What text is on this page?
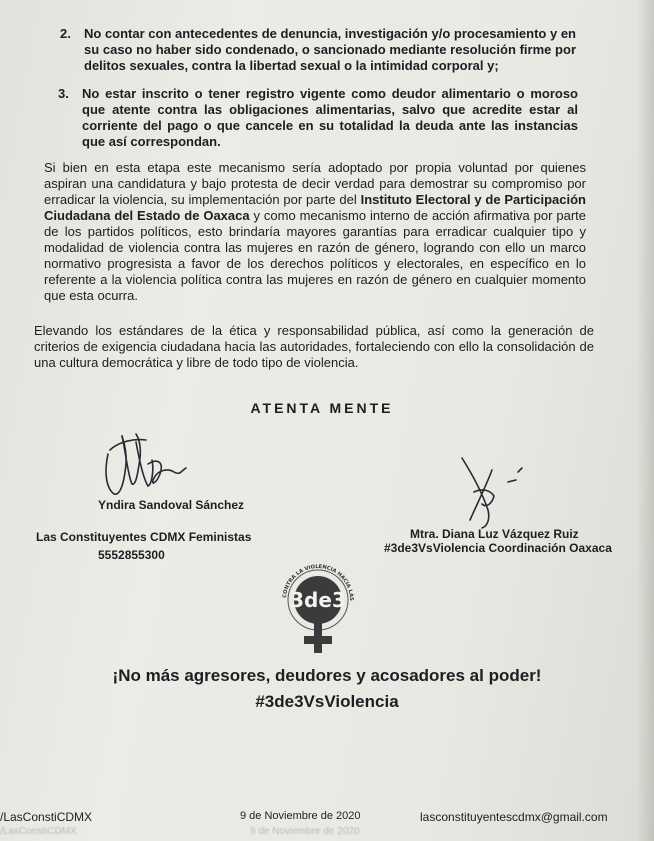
2. No contar con antecedentes de denuncia, investigación y/o procesamiento y en su caso no haber sido condenado, o sancionado mediante resolución firme por delitos sexuales, contra la libertad sexual o la intimidad corporal y;
3. No estar inscrito o tener registro vigente como deudor alimentario o moroso que atente contra las obligaciones alimentarias, salvo que acredite estar al corriente del pago o que cancele en su totalidad la deuda ante las instancias que así correspondan.
Si bien en esta etapa este mecanismo sería adoptado por propia voluntad por quienes aspiran una candidatura y bajo protesta de decir verdad para demostrar su compromiso por erradicar la violencia, su implementación por parte del Instituto Electoral y de Participación Ciudadana del Estado de Oaxaca y como mecanismo interno de acción afirmativa por parte de los partidos políticos, esto brindaría mayores garantías para erradicar cualquier tipo y modalidad de violencia contra las mujeres en razón de género, logrando con ello un marco normativo progresista a favor de los derechos políticos y electorales, en específico en lo referente a la violencia política contra las mujeres en razón de género en cualquier momento que esta ocurra.
Elevando los estándares de la ética y responsabilidad pública, así como la generación de criterios de exigencia ciudadana hacia las autoridades, fortaleciendo con ello la consolidación de una cultura democrática y libre de todo tipo de violencia.
ATENTA MENTE
Yndira Sandoval Sánchez
Las Constituyentes CDMX Feministas
5552855300
Mtra. Diana Luz Vázquez Ruiz
#3de3VsViolencia Coordinación Oaxaca
CONTRA LA VIOLENCIA HACIA LAS
3de3
¡No más agresores, deudores y acosadores al poder!
#3de3VsViolencia
/LasConstiCDMX	9 de Noviembre de 2020	lasconstituyentescdmx@gmail.com
/LasConstiCDMX	9 de Noviembre de 2020
